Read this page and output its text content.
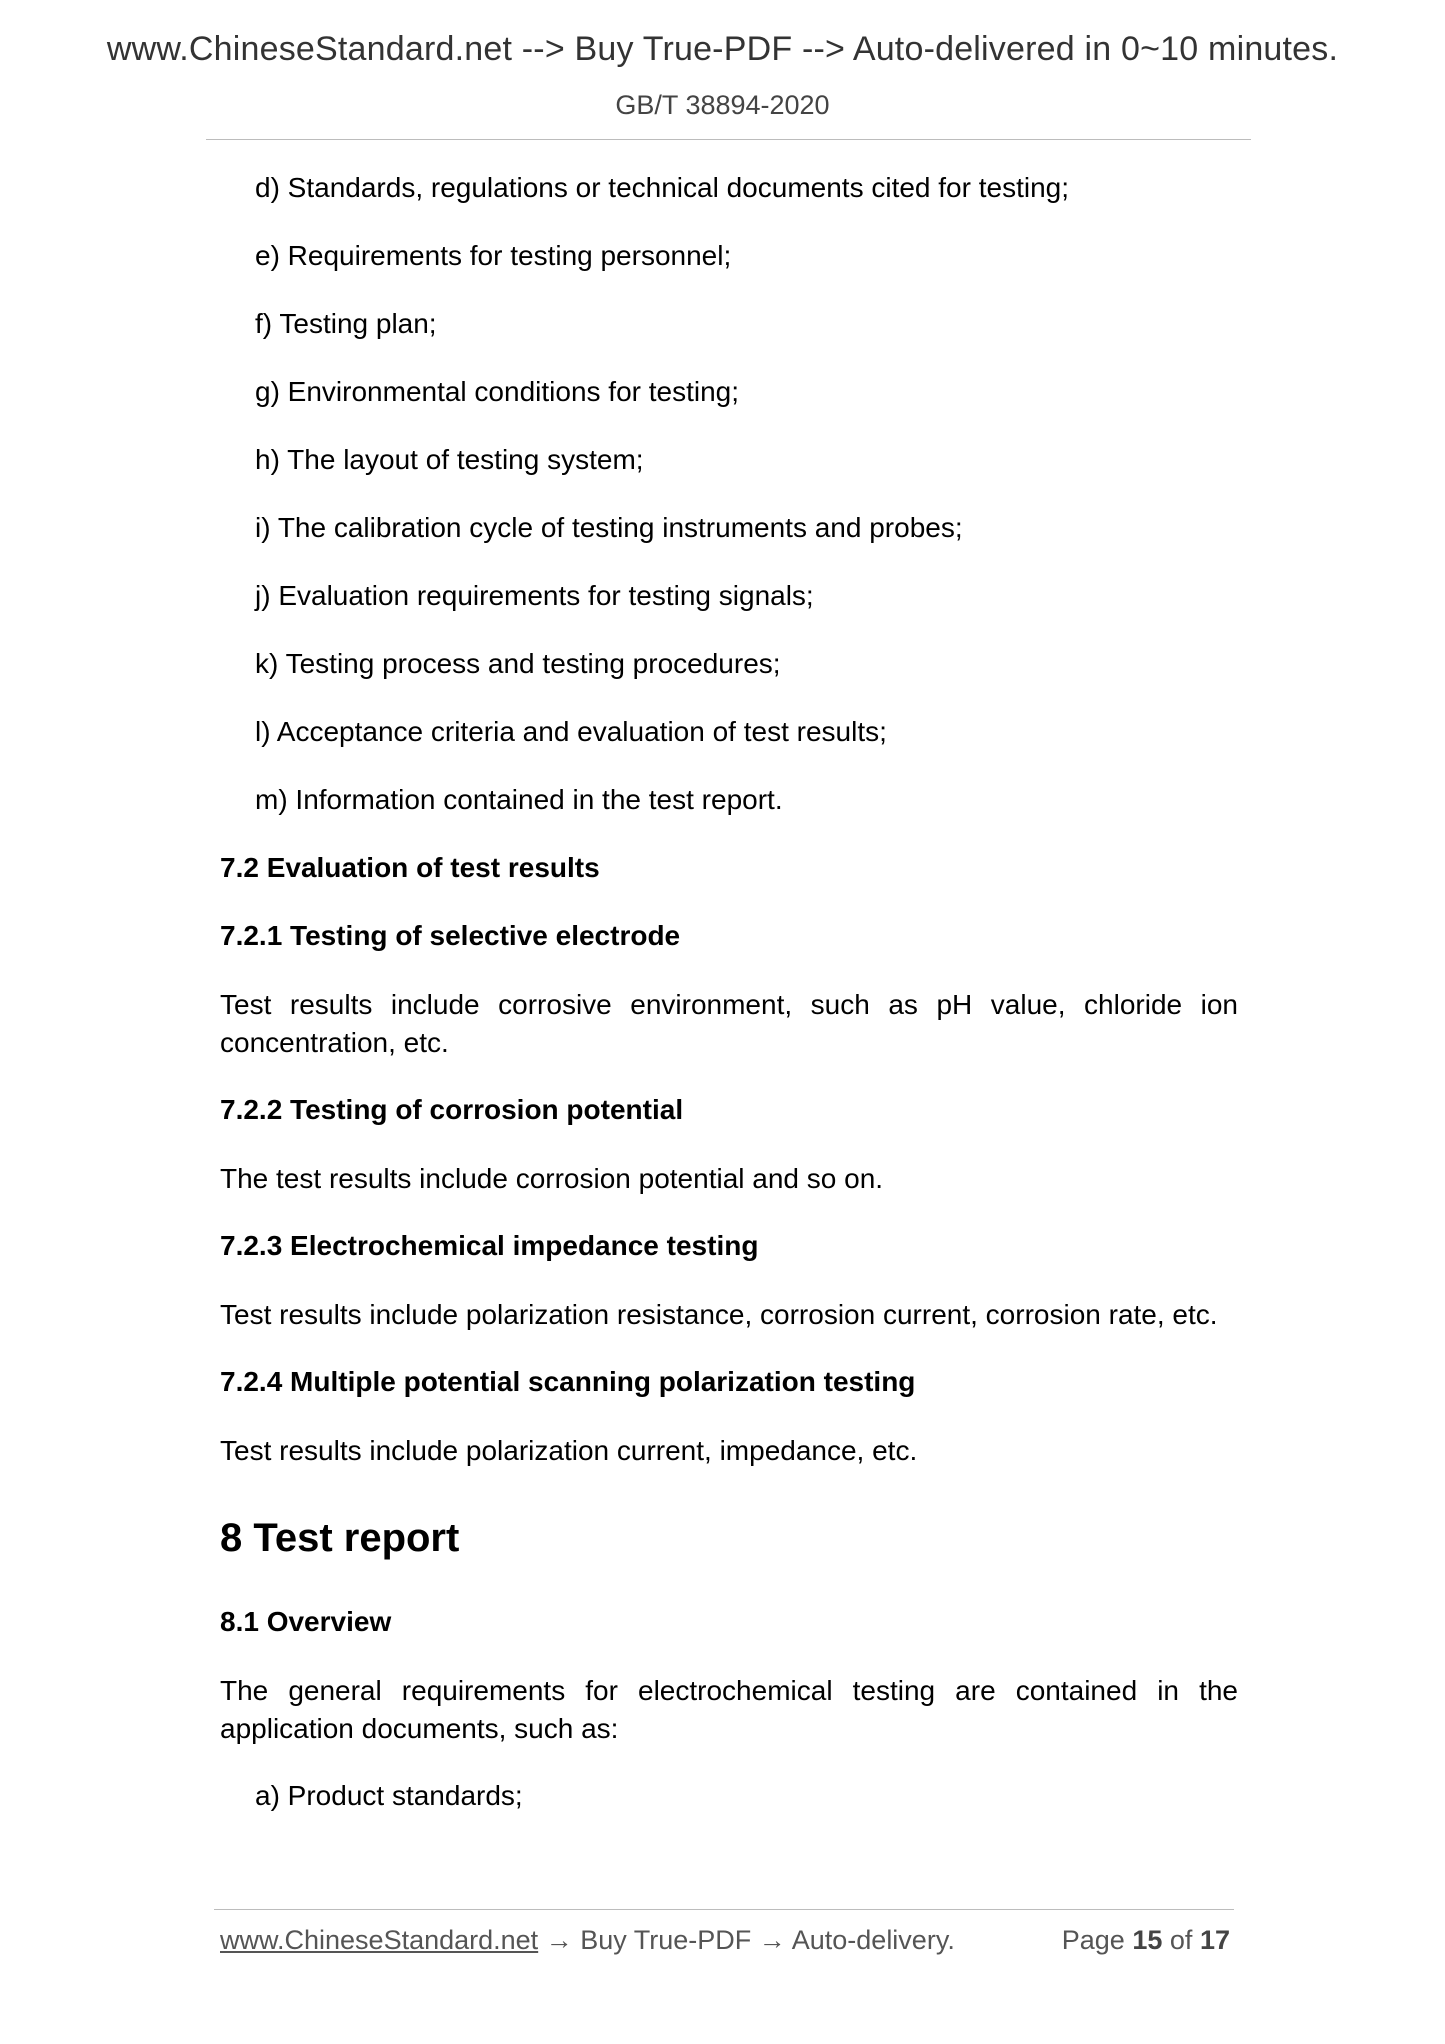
www.ChineseStandard.net --> Buy True-PDF --> Auto-delivered in 0~10 minutes.
GB/T 38894-2020
d) Standards, regulations or technical documents cited for testing;
e) Requirements for testing personnel;
f) Testing plan;
g) Environmental conditions for testing;
h) The layout of testing system;
i) The calibration cycle of testing instruments and probes;
j) Evaluation requirements for testing signals;
k) Testing process and testing procedures;
l) Acceptance criteria and evaluation of test results;
m) Information contained in the test report.
7.2 Evaluation of test results
7.2.1 Testing of selective electrode
Test results include corrosive environment, such as pH value, chloride ion concentration, etc.
7.2.2 Testing of corrosion potential
The test results include corrosion potential and so on.
7.2.3 Electrochemical impedance testing
Test results include polarization resistance, corrosion current, corrosion rate, etc.
7.2.4 Multiple potential scanning polarization testing
Test results include polarization current, impedance, etc.
8 Test report
8.1 Overview
The general requirements for electrochemical testing are contained in the application documents, such as:
a) Product standards;
www.ChineseStandard.net → Buy True-PDF → Auto-delivery.	Page 15 of 17
